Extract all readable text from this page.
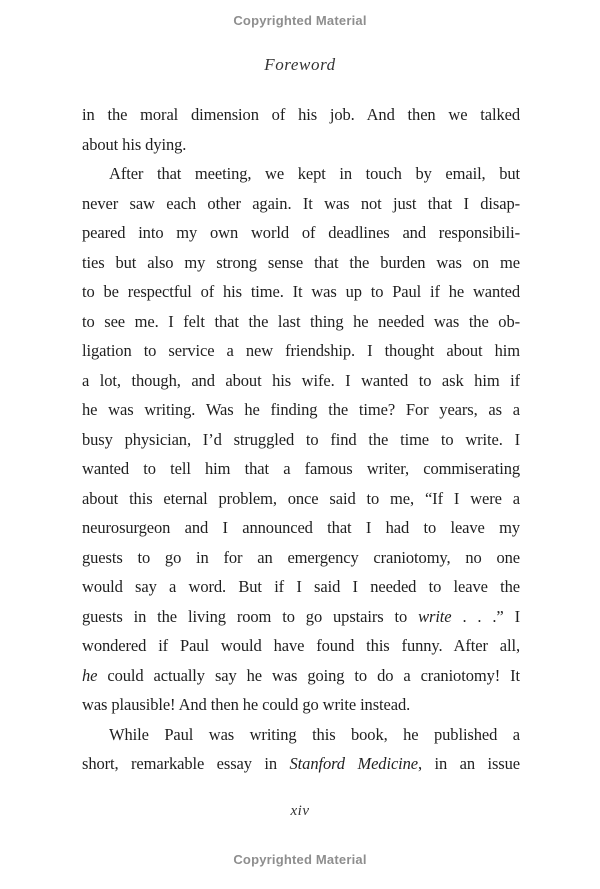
Copyrighted Material
Foreword
in the moral dimension of his job. And then we talked
about his dying.
After that meeting, we kept in touch by email, but
never saw each other again. It was not just that I disap-
peared into my own world of deadlines and responsibili-
ties but also my strong sense that the burden was on me
to be respectful of his time. It was up to Paul if he wanted
to see me. I felt that the last thing he needed was the ob-
ligation to service a new friendship. I thought about him
a lot, though, and about his wife. I wanted to ask him if
he was writing. Was he finding the time? For years, as a
busy physician, I’d struggled to find the time to write. I
wanted to tell him that a famous writer, commiserating
about this eternal problem, once said to me, “If I were a
neurosurgeon and I announced that I had to leave my
guests to go in for an emergency craniotomy, no one
would say a word. But if I said I needed to leave the
guests in the living room to go upstairs to write . . .” I
wondered if Paul would have found this funny. After all,
he could actually say he was going to do a craniotomy! It
was plausible! And then he could go write instead.
While Paul was writing this book, he published a
short, remarkable essay in Stanford Medicine, in an issue
xiv
Copyrighted Material
